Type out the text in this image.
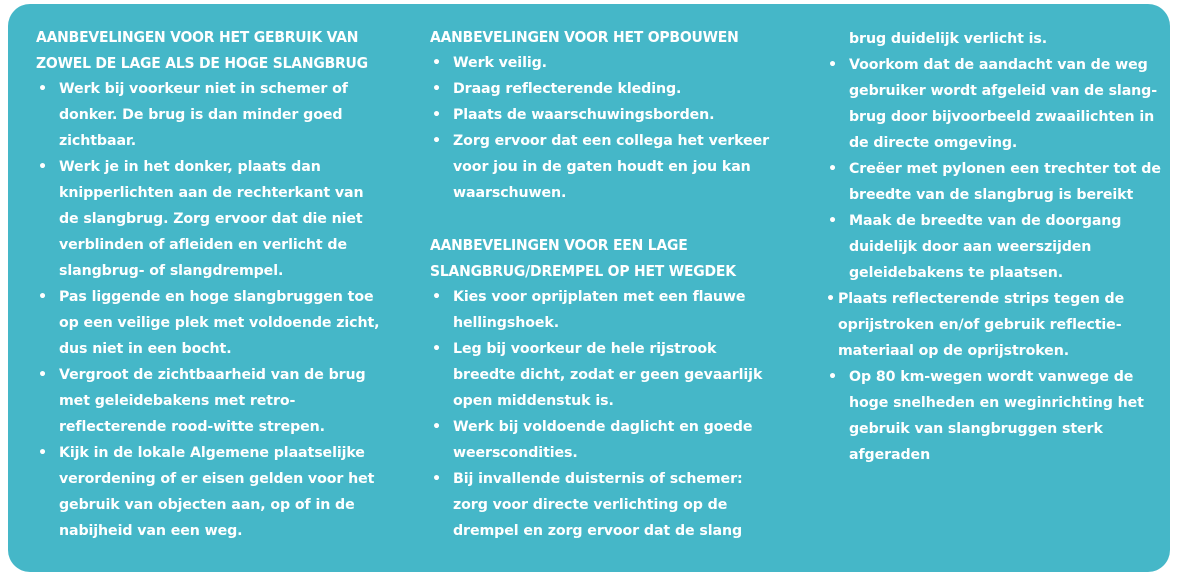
AANBEVELINGEN VOOR HET GEBRUIK VAN
ZOWEL DE LAGE ALS DE HOGE SLANGBRUG
• Werk bij voorkeur niet in schemer of donker. De brug is dan minder goed zichtbaar.
• Werk je in het donker, plaats dan knipperlichten aan de rechterkant van de slangbrug. Zorg ervoor dat die niet verblinden of afleiden en verlicht de slangbrug- of slangdrempel.
• Pas liggende en hoge slangbruggen toe op een veilige plek met voldoende zicht, dus niet in een bocht.
• Vergroot de zichtbaarheid van de brug met geleidebakens met retro-reflecterende rood-witte strepen.
• Kijk in de lokale Algemene plaatselijke verordening of er eisen gelden voor het gebruik van objecten aan, op of in de nabijheid van een weg.
AANBEVELINGEN VOOR HET OPBOUWEN
• Werk veilig.
• Draag reflecterende kleding.
• Plaats de waarschuwingsborden.
• Zorg ervoor dat een collega het verkeer voor jou in de gaten houdt en jou kan waarschuwen.
AANBEVELINGEN VOOR EEN LAGE
SLANGBRUG/DREMPEL OP HET WEGDEK
• Kies voor oprijplaten met een flauwe hellingshoek.
• Leg bij voorkeur de hele rijstrook breedte dicht, zodat er geen gevaarlijk open middenstuk is.
• Werk bij voldoende daglicht en goede weerscondities.
• Bij invallende duisternis of schemer: zorg voor directe verlichting op de drempel en zorg ervoor dat de slang
brug duidelijk verlicht is.
• Voorkom dat de aandacht van de weg gebruiker wordt afgeleid van de slang-brug door bijvoorbeeld zwaailichten in de directe omgeving.
• Creëer met pylonen een trechter tot de breedte van de slangbrug is bereikt
• Maak de breedte van de doorgang duidelijk door aan weerszijden geleidebakens te plaatsen.
• Plaats reflecterende strips tegen de oprijstroken en/of gebruik reflectie-materiaal op de oprijstroken.
• Op 80 km-wegen wordt vanwege de hoge snelheden en weginrichting het gebruik van slangbruggen sterk afgeraden
